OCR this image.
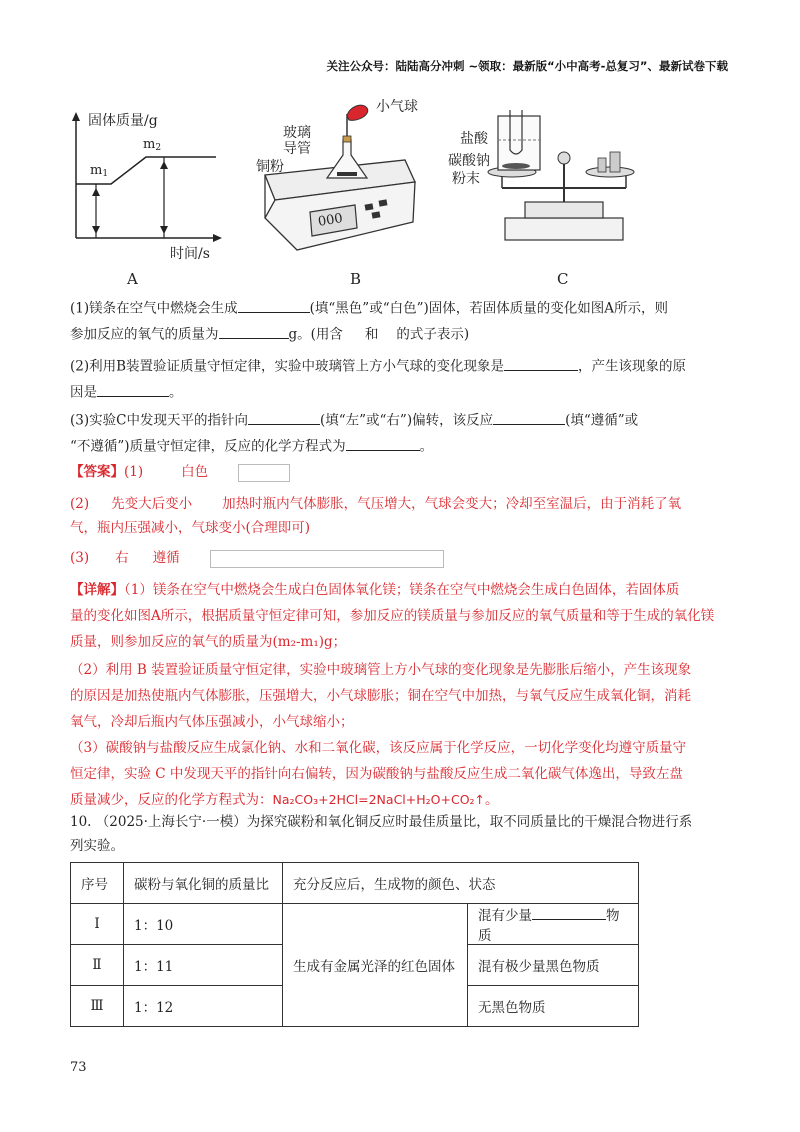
关注公众号：陆陆高分冲刺 ~领取：最新版“小中高考-总复习”、最新试卷下载
固体质量/g
时间/s
$m_1$
$m_2$
A
小气球
玻璃
导管
铜粉
000
B
盐酸
碳酸钠
粉末
C
(1)镁条在空气中燃烧会生成	(填“黑色”或“白色”)固体，若固体质量的变化如图A所示，则
参加反应的氧气的质量为	g。(用含 和 的式子表示)
(2)利用B装置验证质量守恒定律，实验中玻璃管上方小气球的变化现象是	，产生该现象的原
因是	。
(3)实验C中发现天平的指针向	(填“左”或“右”)偏转，该反应	(填“遵循”或
“不遵循”)质量守恒定律，反应的化学方程式为	。
【答案】(1)	白色
(2) 先变大后变小 加热时瓶内气体膨胀，气压增大，气球会变大；冷却至室温后，由于消耗了氧
气，瓶内压强减小，气球变小(合理即可)
(3) 右 遵循
【详解】（1）镁条在空气中燃烧会生成白色固体氧化镁；镁条在空气中燃烧会生成白色固体，若固体质
量的变化如图A所示，根据质量守恒定律可知，参加反应的镁质量与参加反应的氧气质量和等于生成的氧化镁
质量，则参加反应的氧气的质量为(m₂-m₁)g；
（2）利用 B 装置验证质量守恒定律，实验中玻璃管上方小气球的变化现象是先膨胀后缩小，产生该现象
的原因是加热使瓶内气体膨胀，压强增大，小气球膨胀；铜在空气中加热，与氧气反应生成氧化铜，消耗
氧气，冷却后瓶内气体压强减小，小气球缩小；
（3）碳酸钠与盐酸反应生成氯化钠、水和二氧化碳，该反应属于化学反应，一切化学变化均遵守质量守
恒定律，实验 C 中发现天平的指针向右偏转，因为碳酸钠与盐酸反应生成二氧化碳气体逸出，导致左盘
质量减少，反应的化学方程式为：Na₂CO₃+2HCl=2NaCl+H₂O+CO₂↑。
10. （2025·上海长宁·一模）为探究碳粉和氧化铜反应时最佳质量比，取不同质量比的干燥混合物进行系
列实验。
序号	碳粉与氧化铜的质量比	充分反应后，生成物的颜色、状态	
Ⅰ	1：10	生成有金属光泽的红色固体	混有少量 物质
Ⅱ	1：11		混有极少量黑色物质
Ⅲ	1：12		无黑色物质
73
